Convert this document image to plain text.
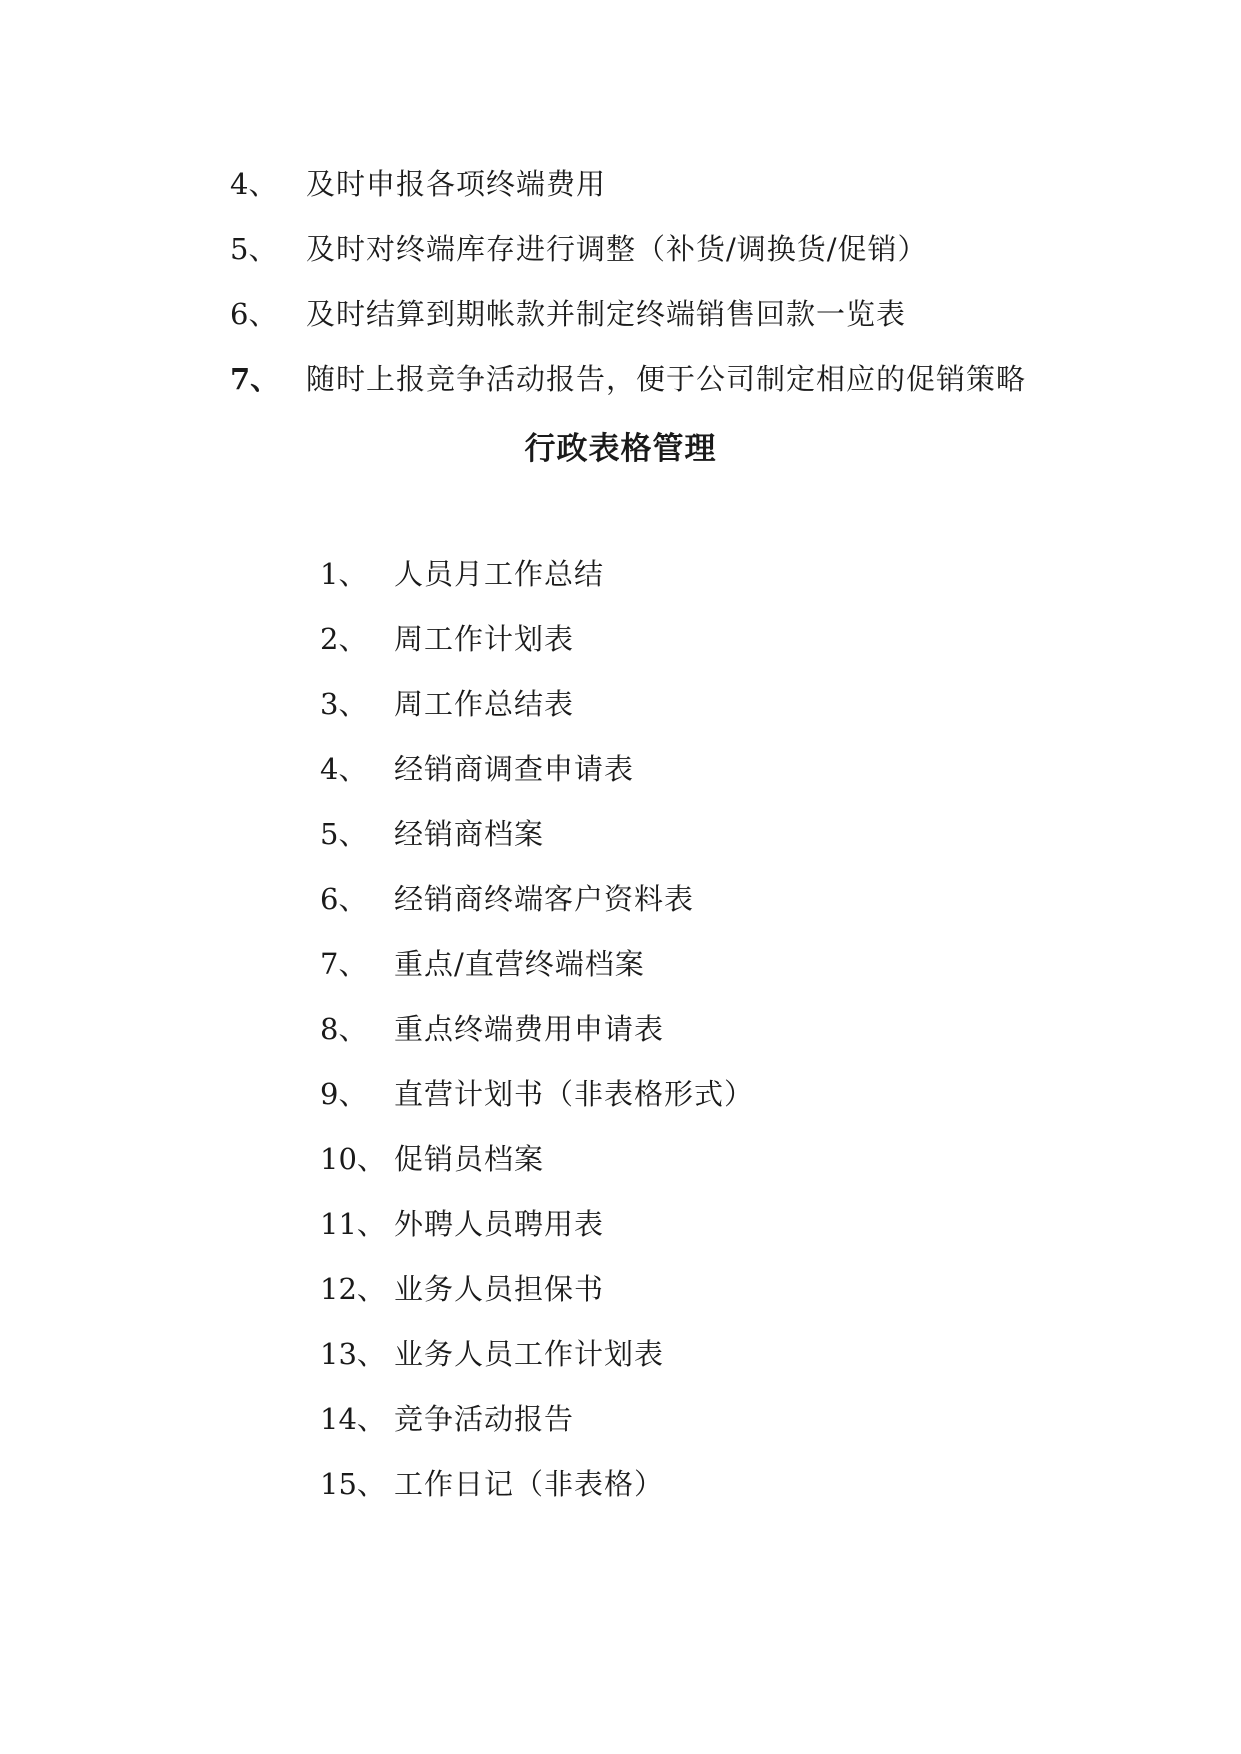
4、 及时申报各项终端费用
5、 及时对终端库存进行调整（补货/调换货/促销）
6、 及时结算到期帐款并制定终端销售回款一览表
7、 随时上报竞争活动报告，便于公司制定相应的促销策略
行政表格管理
1、 人员月工作总结
2、 周工作计划表
3、 周工作总结表
4、 经销商调查申请表
5、 经销商档案
6、 经销商终端客户资料表
7、 重点/直营终端档案
8、 重点终端费用申请表
9、 直营计划书（非表格形式）
10、 促销员档案
11、 外聘人员聘用表
12、 业务人员担保书
13、 业务人员工作计划表
14、 竞争活动报告
15、 工作日记（非表格）
